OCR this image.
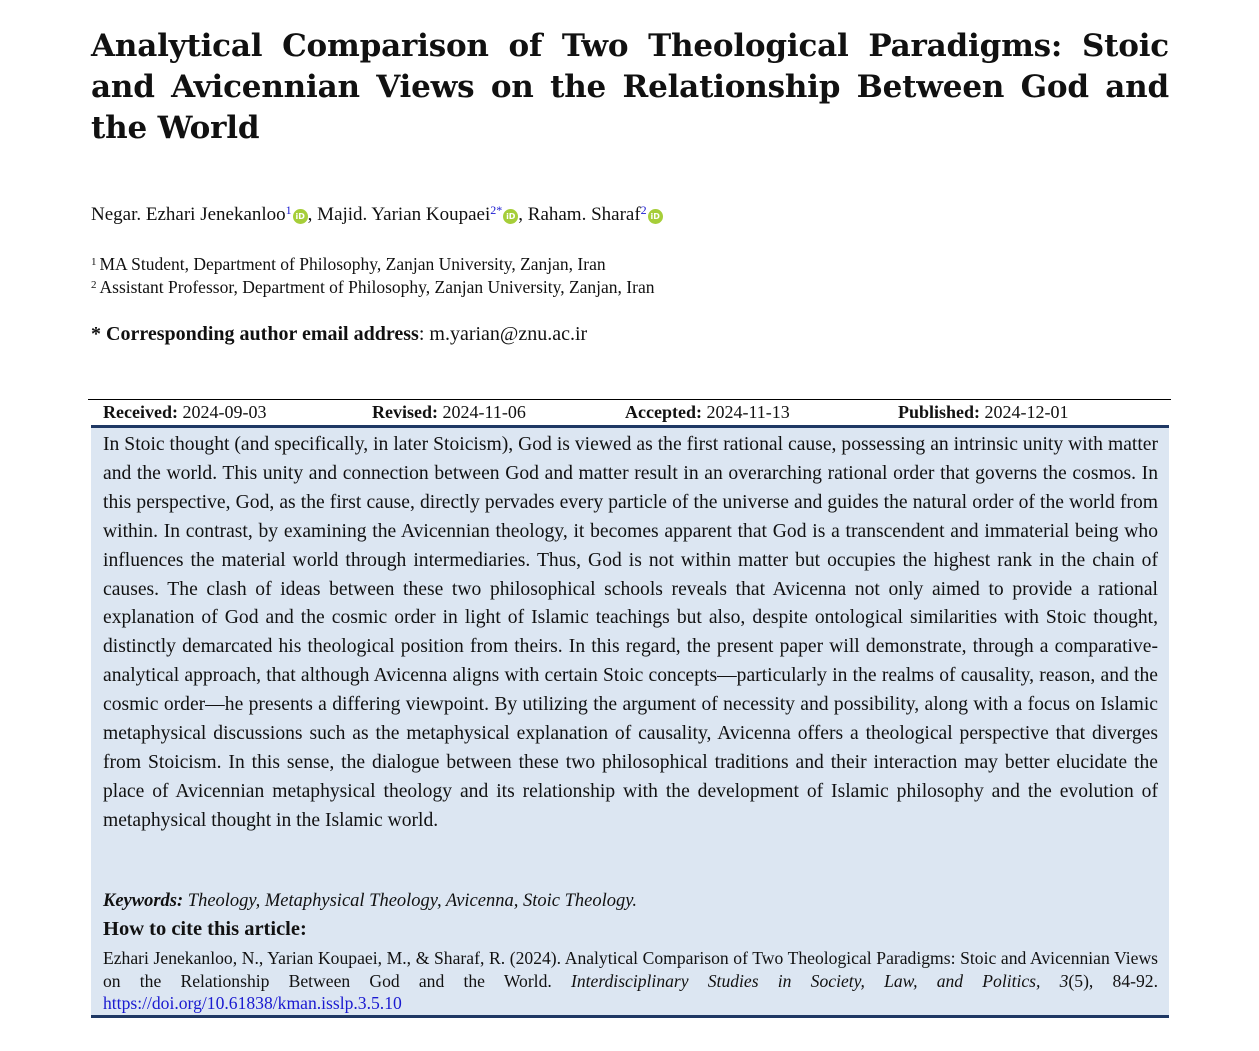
Analytical Comparison of Two Theological Paradigms: Stoic and Avicennian Views on the Relationship Between God and the World
Negar. Ezhari Jenekanloo$^1$ iD , Majid. Yarian Koupaei$^{2*}$ iD , Raham. Sharaf$^2$ iD
$^1$ MA Student, Department of Philosophy, Zanjan University, Zanjan, Iran
$^2$ Assistant Professor, Department of Philosophy, Zanjan University, Zanjan, Iran
* Corresponding author email address: m.yarian@znu.ac.ir
Received: 2024-09-03	Revised: 2024-11-06	Accepted: 2024-11-13	Published: 2024-12-01

In Stoic thought (and specifically, in later Stoicism), God is viewed as the first rational cause, possessing an intrinsic unity with matter and the world. This unity and connection between God and matter result in an overarching rational order that governs the cosmos. In this perspective, God, as the first cause, directly pervades every particle of the universe and guides the natural order of the world from within. In contrast, by examining the Avicennian theology, it becomes apparent that God is a transcendent and immaterial being who influences the material world through intermediaries. Thus, God is not within matter but occupies the highest rank in the chain of causes. The clash of ideas between these two philosophical schools reveals that Avicenna not only aimed to provide a rational explanation of God and the cosmic order in light of Islamic teachings but also, despite ontological similarities with Stoic thought, distinctly demarcated his theological position from theirs. In this regard, the present paper will demonstrate, through a comparative-analytical approach, that although Avicenna aligns with certain Stoic concepts—particularly in the realms of causality, reason, and the cosmic order—he presents a differing viewpoint. By utilizing the argument of necessity and possibility, along with a focus on Islamic metaphysical discussions such as the metaphysical explanation of causality, Avicenna offers a theological perspective that diverges from Stoicism. In this sense, the dialogue between these two philosophical traditions and their interaction may better elucidate the place of Avicennian metaphysical theology and its relationship with the development of Islamic philosophy and the evolution of metaphysical thought in the Islamic world.

Keywords: Theology, Metaphysical Theology, Avicenna, Stoic Theology.
How to cite this article:

Ezhari Jenekanloo, N., Yarian Koupaei, M., & Sharaf, R. (2024). Analytical Comparison of Two Theological Paradigms: Stoic and Avicennian Views on the Relationship Between God and the World. Interdisciplinary Studies in Society, Law, and Politics, 3(5), 84-92. https://doi.org/10.61838/kman.isslp.3.5.10
